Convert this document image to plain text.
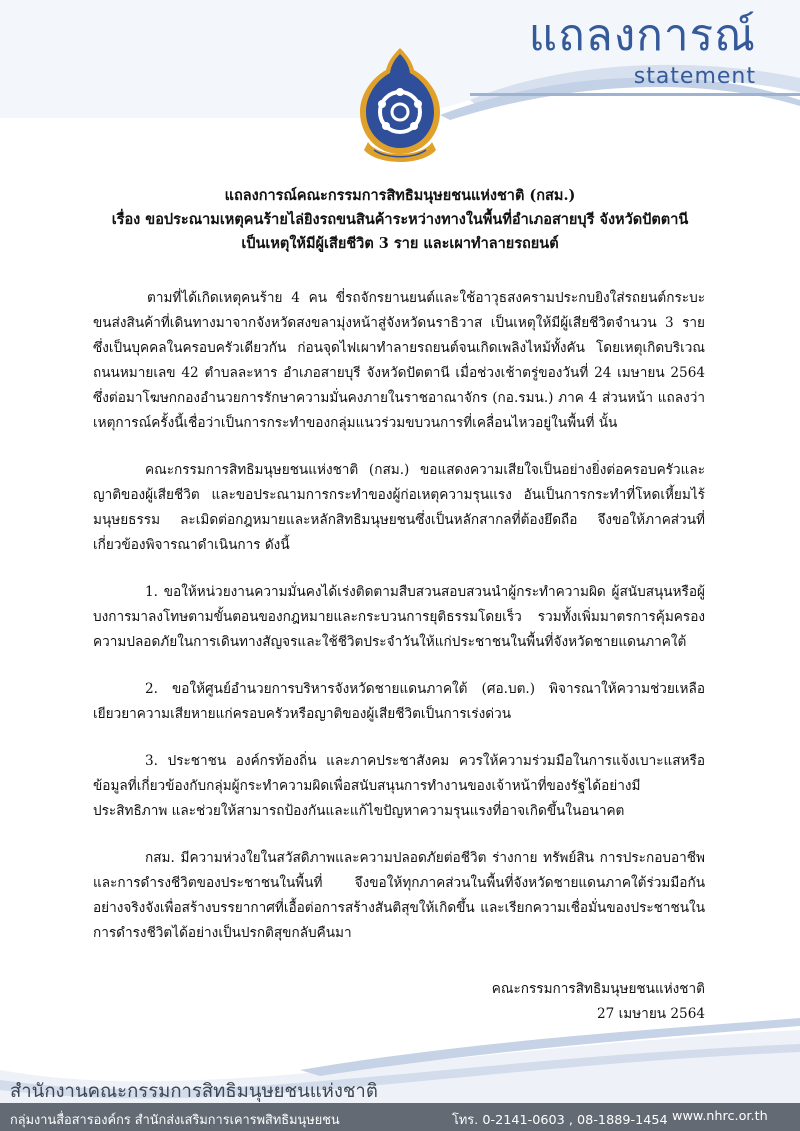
แถลงการณ์
statement
แถลงการณ์คณะกรรมการสิทธิมนุษยชนแห่งชาติ (กสม.)
เรื่อง ขอประณามเหตุคนร้ายไล่ยิงรถขนสินค้าระหว่างทางในพื้นที่อำเภอสายบุรี จังหวัดปัตตานี
เป็นเหตุให้มีผู้เสียชีวิต 3 ราย และเผาทำลายรถยนต์

ตามที่ได้เกิดเหตุคนร้าย 4 คน ขี่รถจักรยานยนต์และใช้อาวุธสงครามประกบยิงใส่รถยนต์กระบะขนส่งสินค้าที่เดินทางมาจากจังหวัดสงขลามุ่งหน้าสู่จังหวัดนราธิวาส เป็นเหตุให้มีผู้เสียชีวิตจำนวน 3 ราย ซึ่งเป็นบุคคลในครอบครัวเดียวกัน ก่อนจุดไฟเผาทำลายรถยนต์จนเกิดเพลิงไหม้ทั้งคัน โดยเหตุเกิดบริเวณถนนหมายเลข 42 ตำบลละหาร อำเภอสายบุรี จังหวัดปัตตานี เมื่อช่วงเช้าตรู่ของวันที่ 24 เมษายน 2564 ซึ่งต่อมาโฆษกกองอำนวยการรักษาความมั่นคงภายในราชอาณาจักร (กอ.รมน.) ภาค 4 ส่วนหน้า แถลงว่าเหตุการณ์ครั้งนี้เชื่อว่าเป็นการกระทำของกลุ่มแนวร่วมขบวนการที่เคลื่อนไหวอยู่ในพื้นที่ นั้น

คณะกรรมการสิทธิมนุษยชนแห่งชาติ (กสม.) ขอแสดงความเสียใจเป็นอย่างยิ่งต่อครอบครัวและญาติของผู้เสียชีวิต และขอประณามการกระทำของผู้ก่อเหตุความรุนแรง อันเป็นการกระทำที่โหดเหี้ยมไร้มนุษยธรรม ละเมิดต่อกฎหมายและหลักสิทธิมนุษยชนซึ่งเป็นหลักสากลที่ต้องยึดถือ จึงขอให้ภาคส่วนที่เกี่ยวข้องพิจารณาดำเนินการ ดังนี้

1. ขอให้หน่วยงานความมั่นคงได้เร่งติดตามสืบสวนสอบสวนนำผู้กระทำความผิด ผู้สนับสนุนหรือผู้บงการมาลงโทษตามขั้นตอนของกฎหมายและกระบวนการยุติธรรมโดยเร็ว รวมทั้งเพิ่มมาตรการคุ้มครองความปลอดภัยในการเดินทางสัญจรและใช้ชีวิตประจำวันให้แก่ประชาชนในพื้นที่จังหวัดชายแดนภาคใต้

2. ขอให้ศูนย์อำนวยการบริหารจังหวัดชายแดนภาคใต้ (ศอ.บต.) พิจารณาให้ความช่วยเหลือเยียวยาความเสียหายแก่ครอบครัวหรือญาติของผู้เสียชีวิตเป็นการเร่งด่วน

3. ประชาชน องค์กรท้องถิ่น และภาคประชาสังคม ควรให้ความร่วมมือในการแจ้งเบาะแสหรือข้อมูลที่เกี่ยวข้องกับกลุ่มผู้กระทำความผิดเพื่อสนับสนุนการทำงานของเจ้าหน้าที่ของรัฐได้อย่างมีประสิทธิภาพ และช่วยให้สามารถป้องกันและแก้ไขปัญหาความรุนแรงที่อาจเกิดขึ้นในอนาคต

กสม. มีความห่วงใยในสวัสดิภาพและความปลอดภัยต่อชีวิต ร่างกาย ทรัพย์สิน การประกอบอาชีพและการดำรงชีวิตของประชาชนในพื้นที่ จึงขอให้ทุกภาคส่วนในพื้นที่จังหวัดชายแดนภาคใต้ร่วมมือกันอย่างจริงจังเพื่อสร้างบรรยากาศที่เอื้อต่อการสร้างสันติสุขให้เกิดขึ้น และเรียกความเชื่อมั่นของประชาชนในการดำรงชีวิตได้อย่างเป็นปรกติสุขกลับคืนมา

คณะกรรมการสิทธิมนุษยชนแห่งชาติ
27 เมษายน 2564
สำนักงานคณะกรรมการสิทธิมนุษยชนแห่งชาติ
กลุ่มงานสื่อสารองค์กร สำนักส่งเสริมการเคารพสิทธิมนุษยชน	โทร. 0-2141-0603 , 08-1889-1454 www.nhrc.or.th
